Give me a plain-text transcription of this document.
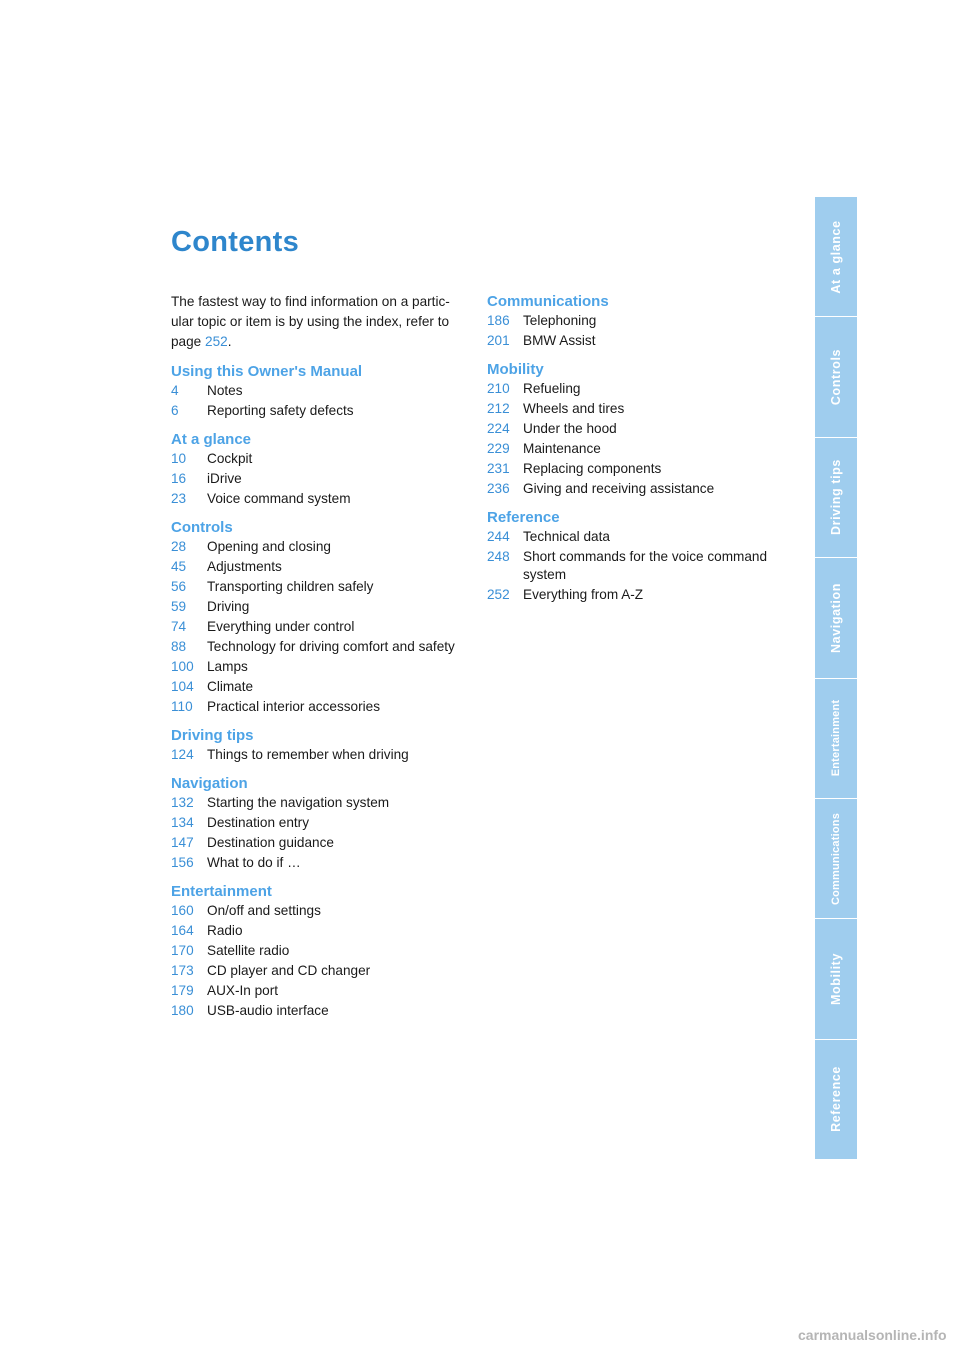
Contents
The fastest way to find information on a partic-ular topic or item is by using the index, refer to page 252.
Using this Owner's Manual
4	Notes
6	Reporting safety defects
At a glance
10	Cockpit
16	iDrive
23	Voice command system
Controls
28	Opening and closing
45	Adjustments
56	Transporting children safely
59	Driving
74	Everything under control
88	Technology for driving comfort and safety
100 Lamps
104 Climate
110	Practical interior accessories
Driving tips
124 Things to remember when driving
Navigation
132 Starting the navigation system
134 Destination entry
147 Destination guidance
156 What to do if …
Entertainment
160 On/off and settings
164 Radio
170 Satellite radio
173 CD player and CD changer
179 AUX-In port
180 USB-audio interface
Communications
186 Telephoning
201 BMW Assist
Mobility
210 Refueling
212 Wheels and tires
224 Under the hood
229 Maintenance
231 Replacing components
236 Giving and receiving assistance
Reference
244 Technical data
248 Short commands for the voice command system
252 Everything from A-Z
At a glance
Controls
Driving tips
Navigation
Entertainment
Communications
Mobility
Reference
carmanualsonline.info
